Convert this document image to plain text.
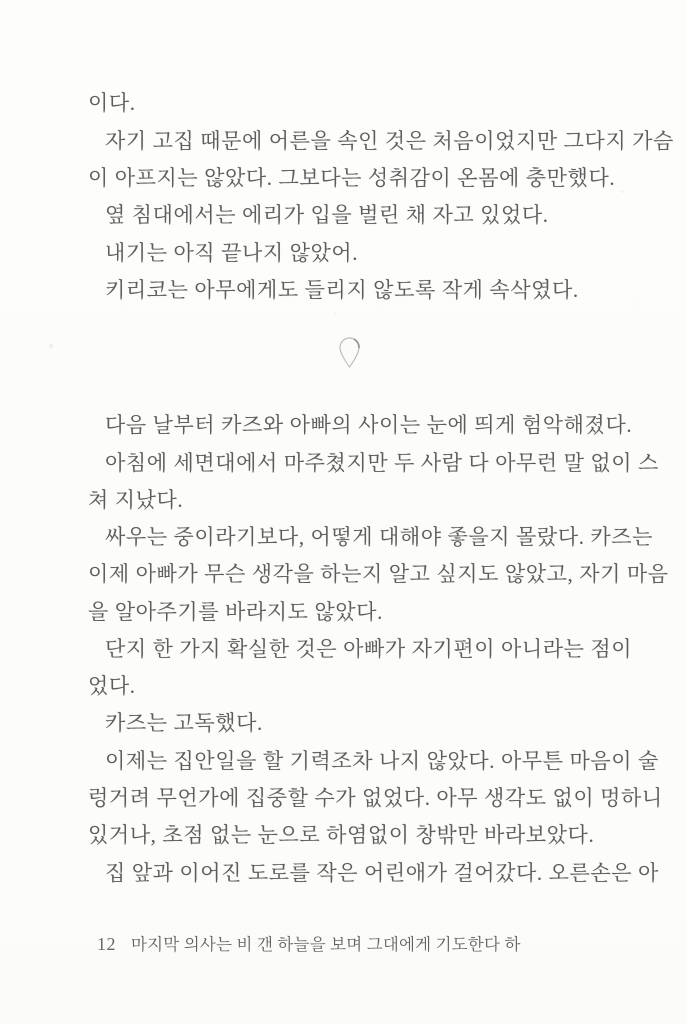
이다.
자기 고집 때문에 어른을 속인 것은 처음이었지만 그다지 가슴
이 아프지는 않았다. 그보다는 성취감이 온몸에 충만했다.
옆 침대에서는 에리가 입을 벌린 채 자고 있었다.
내기는 아직 끝나지 않았어.
키리코는 아무에게도 들리지 않도록 작게 속삭였다.
다음 날부터 카즈와 아빠의 사이는 눈에 띄게 험악해졌다.
아침에 세면대에서 마주쳤지만 두 사람 다 아무런 말 없이 스
쳐 지났다.
싸우는 중이라기보다, 어떻게 대해야 좋을지 몰랐다. 카즈는
이제 아빠가 무슨 생각을 하는지 알고 싶지도 않았고, 자기 마음
을 알아주기를 바라지도 않았다.
단지 한 가지 확실한 것은 아빠가 자기편이 아니라는 점이
었다.
카즈는 고독했다.
이제는 집안일을 할 기력조차 나지 않았다. 아무튼 마음이 술
렁거려 무언가에 집중할 수가 없었다. 아무 생각도 없이 멍하니
있거나, 초점 없는 눈으로 하염없이 창밖만 바라보았다.
집 앞과 이어진 도로를 작은 어린애가 걸어갔다. 오른손은 아
12 마지막 의사는 비 갠 하늘을 보며 그대에게 기도한다 하
